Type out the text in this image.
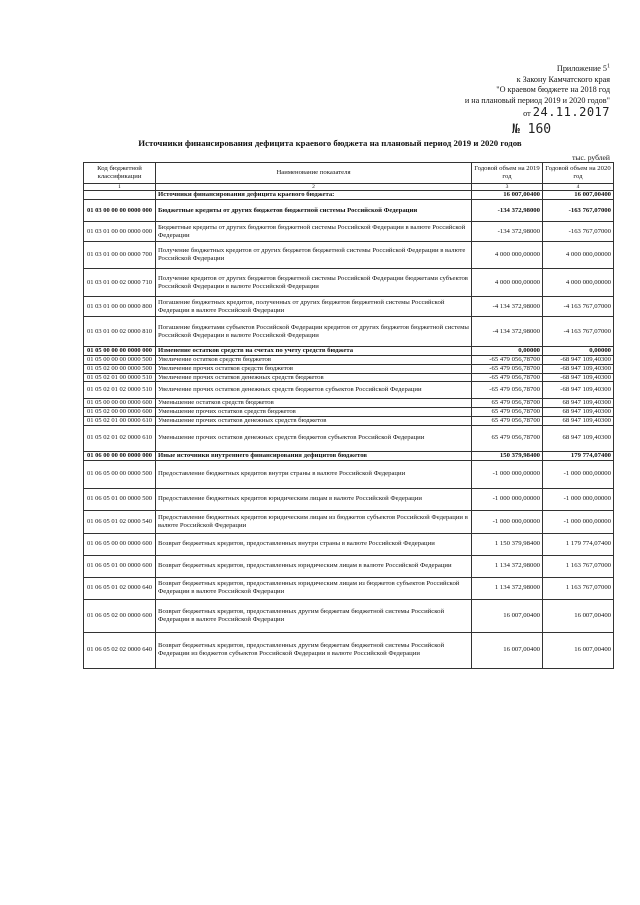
Приложение $5^1$
к Закону Камчатского края
"О краевом бюджете на 2018 год
и на плановый период 2019 и 2020 годов"
от 24.11.2017
№ 160
Источники финансирования дефицита краевого бюджета на плановый период 2019 и 2020 годов
тыс. рублей
Код бюджетной классификации	Наименование показателя	Годовой объем на 2019 год	Годовой объем на 2020 год
1	2	3	4
	Источники финансирования дефицита краевого бюджета:	16 007,00400	16 007,00400
01 03 00 00 00 0000 000	Бюджетные кредиты от других бюджетов бюджетной системы Российской Федерации	-134 372,98000	-163 767,07000
01 03 01 00 00 0000 000	Бюджетные кредиты от других бюджетов бюджетной системы Российской Федерации в валюте Российской Федерации	-134 372,98000	-163 767,07000
01 03 01 00 00 0000 700	Получение бюджетных кредитов от других бюджетов бюджетной системы Российской Федерации в валюте Российской Федерации	4 000 000,00000	4 000 000,00000
01 03 01 00 02 0000 710	Получение кредитов от других бюджетов бюджетной системы Российской Федерации бюджетами субъектов Российской Федерации в валюте Российской Федерации	4 000 000,00000	4 000 000,00000
01 03 01 00 00 0000 800	Погашение бюджетных кредитов, полученных от других бюджетов бюджетной системы Российской Федерации в валюте Российской Федерации	-4 134 372,98000	-4 163 767,07000
01 03 01 00 02 0000 810	Погашение бюджетами субъектов Российской Федерации кредитов от других бюджетов бюджетной системы Российской Федерации в валюте Российской Федерации	-4 134 372,98000	-4 163 767,07000
01 05 00 00 00 0000 000	Изменение остатков средств на счетах по учету средств бюджета	0,00000	0,00000
01 05 00 00 00 0000 500	Увеличение остатков средств бюджетов	-65 479 056,78700	-68 947 109,40300
01 05 02 00 00 0000 500	Увеличение прочих остатков средств бюджетов	-65 479 056,78700	-68 947 109,40300
01 05 02 01 00 0000 510	Увеличение прочих остатков денежных средств бюджетов	-65 479 056,78700	-68 947 109,40300
01 05 02 01 02 0000 510	Увеличение прочих остатков денежных средств бюджетов субъектов Российской Федерации	-65 479 056,78700	-68 947 109,40300
01 05 00 00 00 0000 600	Уменьшение остатков средств бюджетов	65 479 056,78700	68 947 109,40300
01 05 02 00 00 0000 600	Уменьшение прочих остатков средств бюджетов	65 479 056,78700	68 947 109,40300
01 05 02 01 00 0000 610	Уменьшение прочих остатков денежных средств бюджетов	65 479 056,78700	68 947 109,40300
01 05 02 01 02 0000 610	Уменьшение прочих остатков денежных средств бюджетов субъектов Российской Федерации	65 479 056,78700	68 947 109,40300
01 06 00 00 00 0000 000	Иные источники внутреннего финансирования дефицитов бюджетов	150 379,98400	179 774,07400
01 06 05 00 00 0000 500	Предоставление бюджетных кредитов внутри страны в валюте Российской Федерации	-1 000 000,00000	-1 000 000,00000
01 06 05 01 00 0000 500	Предоставление бюджетных кредитов юридическим лицам в валюте Российской Федерации	-1 000 000,00000	-1 000 000,00000
01 06 05 01 02 0000 540	Предоставление бюджетных кредитов юридическим лицам из бюджетов субъектов Российской Федерации в валюте Российской Федерации	-1 000 000,00000	-1 000 000,00000
01 06 05 00 00 0000 600	Возврат бюджетных кредитов, предоставленных внутри страны в валюте Российской Федерации	1 150 379,98400	1 179 774,07400
01 06 05 01 00 0000 600	Возврат бюджетных кредитов, предоставленных юридическим лицам в валюте Российской Федерации	1 134 372,98000	1 163 767,07000
01 06 05 01 02 0000 640	Возврат бюджетных кредитов, предоставленных юридическим лицам из бюджетов субъектов Российской Федерации в валюте Российской Федерации	1 134 372,98000	1 163 767,07000
01 06 05 02 00 0000 600	Возврат бюджетных кредитов, предоставленных другим бюджетам бюджетной системы Российской Федерации в валюте Российской Федерации	16 007,00400	16 007,00400
01 06 05 02 02 0000 640	Возврат бюджетных кредитов, предоставленных другим бюджетам бюджетной системы Российской Федерации из бюджетов субъектов Российской Федерации в валюте Российской Федерации	16 007,00400	16 007,00400
